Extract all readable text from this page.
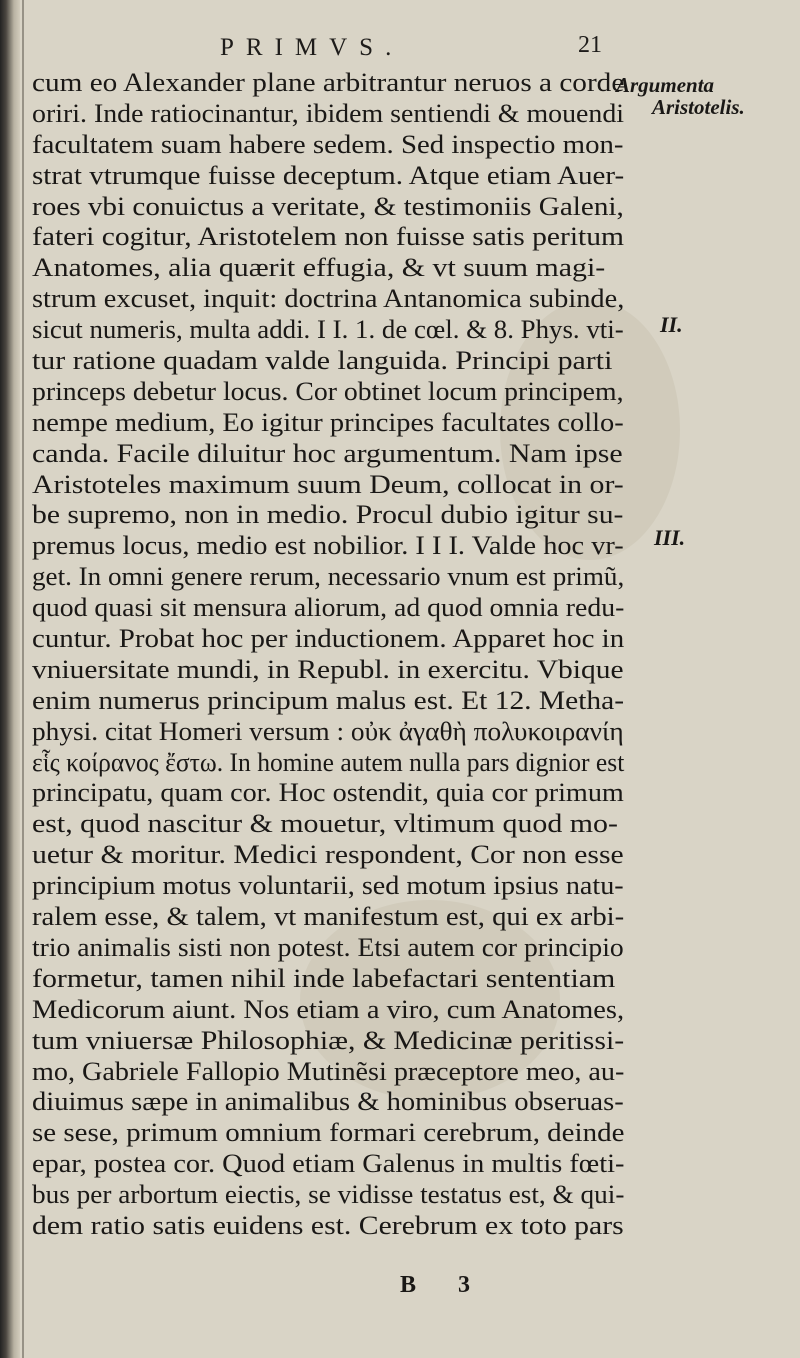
PRIMVS.	21
cum eo Alexander plane arbitrantur neruos a corde
oriri. Inde ratiocinantur, ibidem sentiendi & mouendi
facultatem suam habere sedem. Sed inspectio mon-
strat vtrumque fuisse deceptum. Atque etiam Auer-
roes vbi conuictus a veritate, & testimoniis Galeni,
fateri cogitur, Aristotelem non fuisse satis peritum
Anatomes, alia quærit effugia, & vt suum magi-
strum excuset, inquit: doctrina Antanomica subinde,
sicut numeris, multa addi. I I. 1. de cœl. & 8. Phys. vti-
tur ratione quadam valde languida. Principi parti
princeps debetur locus. Cor obtinet locum principem,
nempe medium, Eo igitur principes facultates collo-
canda. Facile diluitur hoc argumentum. Nam ipse
Aristoteles maximum suum Deum, collocat in or-
be supremo, non in medio. Procul dubio igitur su-
premus locus, medio est nobilior. I I I. Valde hoc vr-
get. In omni genere rerum, necessario vnum est primũ,
quod quasi sit mensura aliorum, ad quod omnia redu-
cuntur. Probat hoc per inductionem. Apparet hoc in
vniuersitate mundi, in Republ. in exercitu. Vbique
enim numerus principum malus est. Et 12. Metha-
physi. citat Homeri versum : οὐκ ἀγαθὴ πολυκοιρανίη
εἷς κοίρανος ἔστω. In homine autem nulla pars dignior est
principatu, quam cor. Hoc ostendit, quia cor primum
est, quod nascitur & mouetur, vltimum quod mo-
uetur & moritur. Medici respondent, Cor non esse
principium motus voluntarii, sed motum ipsius natu-
ralem esse, & talem, vt manifestum est, qui ex arbi-
trio animalis sisti non potest. Etsi autem cor principio
formetur, tamen nihil inde labefactari sententiam
Medicorum aiunt. Nos etiam a viro, cum Anatomes,
tum vniuersæ Philosophiæ, & Medicinæ peritissi-
mo, Gabriele Fallopio Mutinẽsi præceptore meo, au-
diuimus sæpe in animalibus & hominibus obseruas-
se sese, primum omnium formari cerebrum, deinde
epar, postea cor. Quod etiam Galenus in multis fœti-
bus per arbortum eiectis, se vidisse testatus est, & qui-
dem ratio satis euidens est. Cerebrum ex toto pars
Argumenta
Aristotelis.
II.
III.
B 3
